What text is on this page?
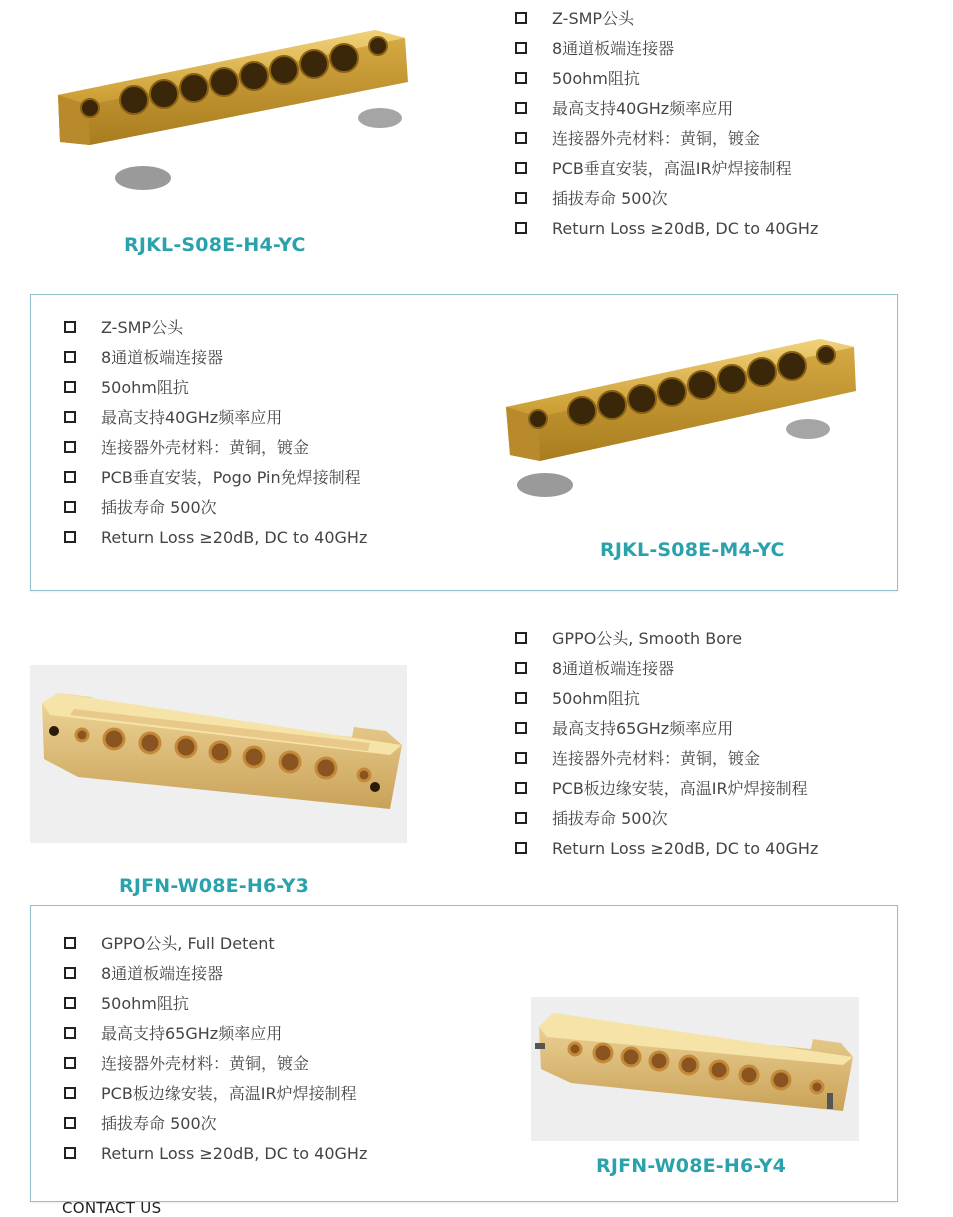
RJKL-S08E-H4-YC
Z-SMP公头
8通道板端连接器
50ohm阻抗
最高支持40GHz频率应用
连接器外壳材料：黄铜，镀金
PCB垂直安装，高温IR炉焊接制程
插拔寿命 500次
Return Loss ≥20dB, DC to 40GHz
Z-SMP公头
8通道板端连接器
50ohm阻抗
最高支持40GHz频率应用
连接器外壳材料：黄铜，镀金
PCB垂直安装，Pogo Pin免焊接制程
插拔寿命 500次
Return Loss ≥20dB, DC to 40GHz
RJKL-S08E-M4-YC
RJFN-W08E-H6-Y3
GPPO公头, Smooth Bore
8通道板端连接器
50ohm阻抗
最高支持65GHz频率应用
连接器外壳材料：黄铜，镀金
PCB板边缘安装，高温IR炉焊接制程
插拔寿命 500次
Return Loss ≥20dB, DC to 40GHz
GPPO公头, Full Detent
8通道板端连接器
50ohm阻抗
最高支持65GHz频率应用
连接器外壳材料：黄铜，镀金
PCB板边缘安装，高温IR炉焊接制程
插拔寿命 500次
Return Loss ≥20dB, DC to 40GHz
RJFN-W08E-H6-Y4
CONTACT US
